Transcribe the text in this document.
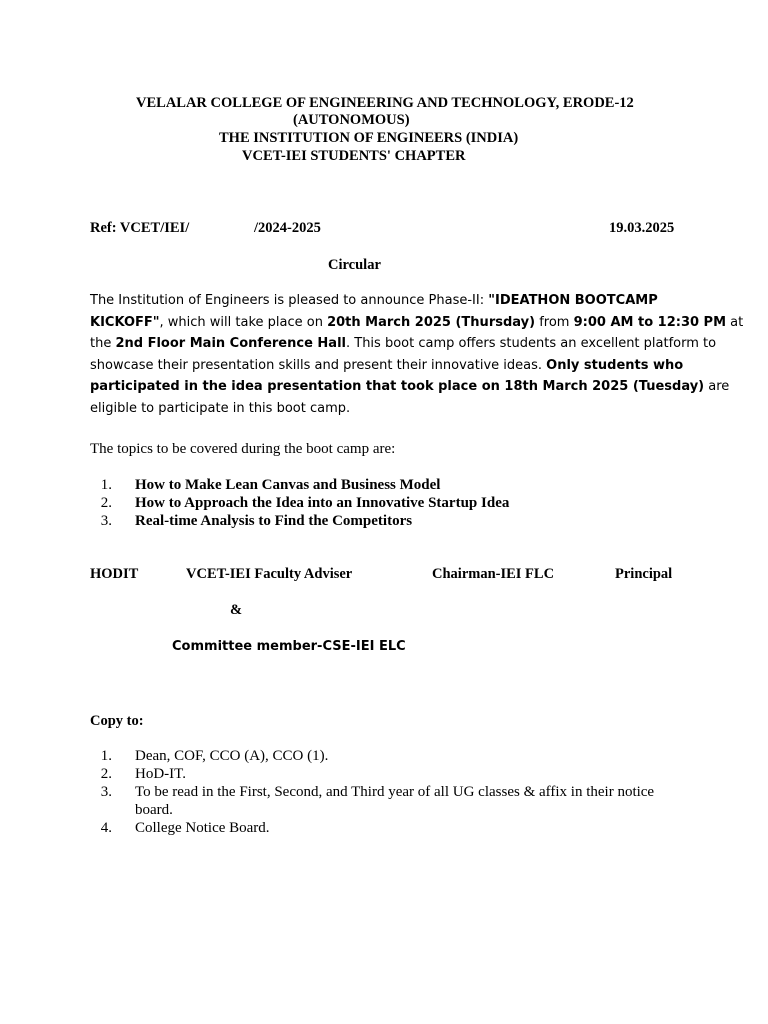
VELALAR COLLEGE OF ENGINEERING AND TECHNOLOGY, ERODE-12
(AUTONOMOUS)
THE INSTITUTION OF ENGINEERS (INDIA)
VCET-IEI STUDENTS' CHAPTER
Ref: VCET/IEI/	/2024-2025	19.03.2025
Circular
The Institution of Engineers is pleased to announce Phase-II: "IDEATHON BOOTCAMP
KICKOFF", which will take place on 20th March 2025 (Thursday) from 9:00 AM to 12:30 PM at
the 2nd Floor Main Conference Hall. This boot camp offers students an excellent platform to
showcase their presentation skills and present their innovative ideas. Only students who
participated in the idea presentation that took place on 18th March 2025 (Tuesday) are
eligible to participate in this boot camp.
The topics to be covered during the boot camp are:
1. How to Make Lean Canvas and Business Model
2. How to Approach the Idea into an Innovative Startup Idea
3. Real-time Analysis to Find the Competitors
HODIT	VCET-IEI Faculty Adviser	Chairman-IEI FLC	Principal
&
Committee member-CSE-IEI ELC
Copy to:
1. Dean, COF, CCO (A), CCO (1).
2. HoD-IT.
3. To be read in the First, Second, and Third year of all UG classes & affix in their notice
board.
4. College Notice Board.
